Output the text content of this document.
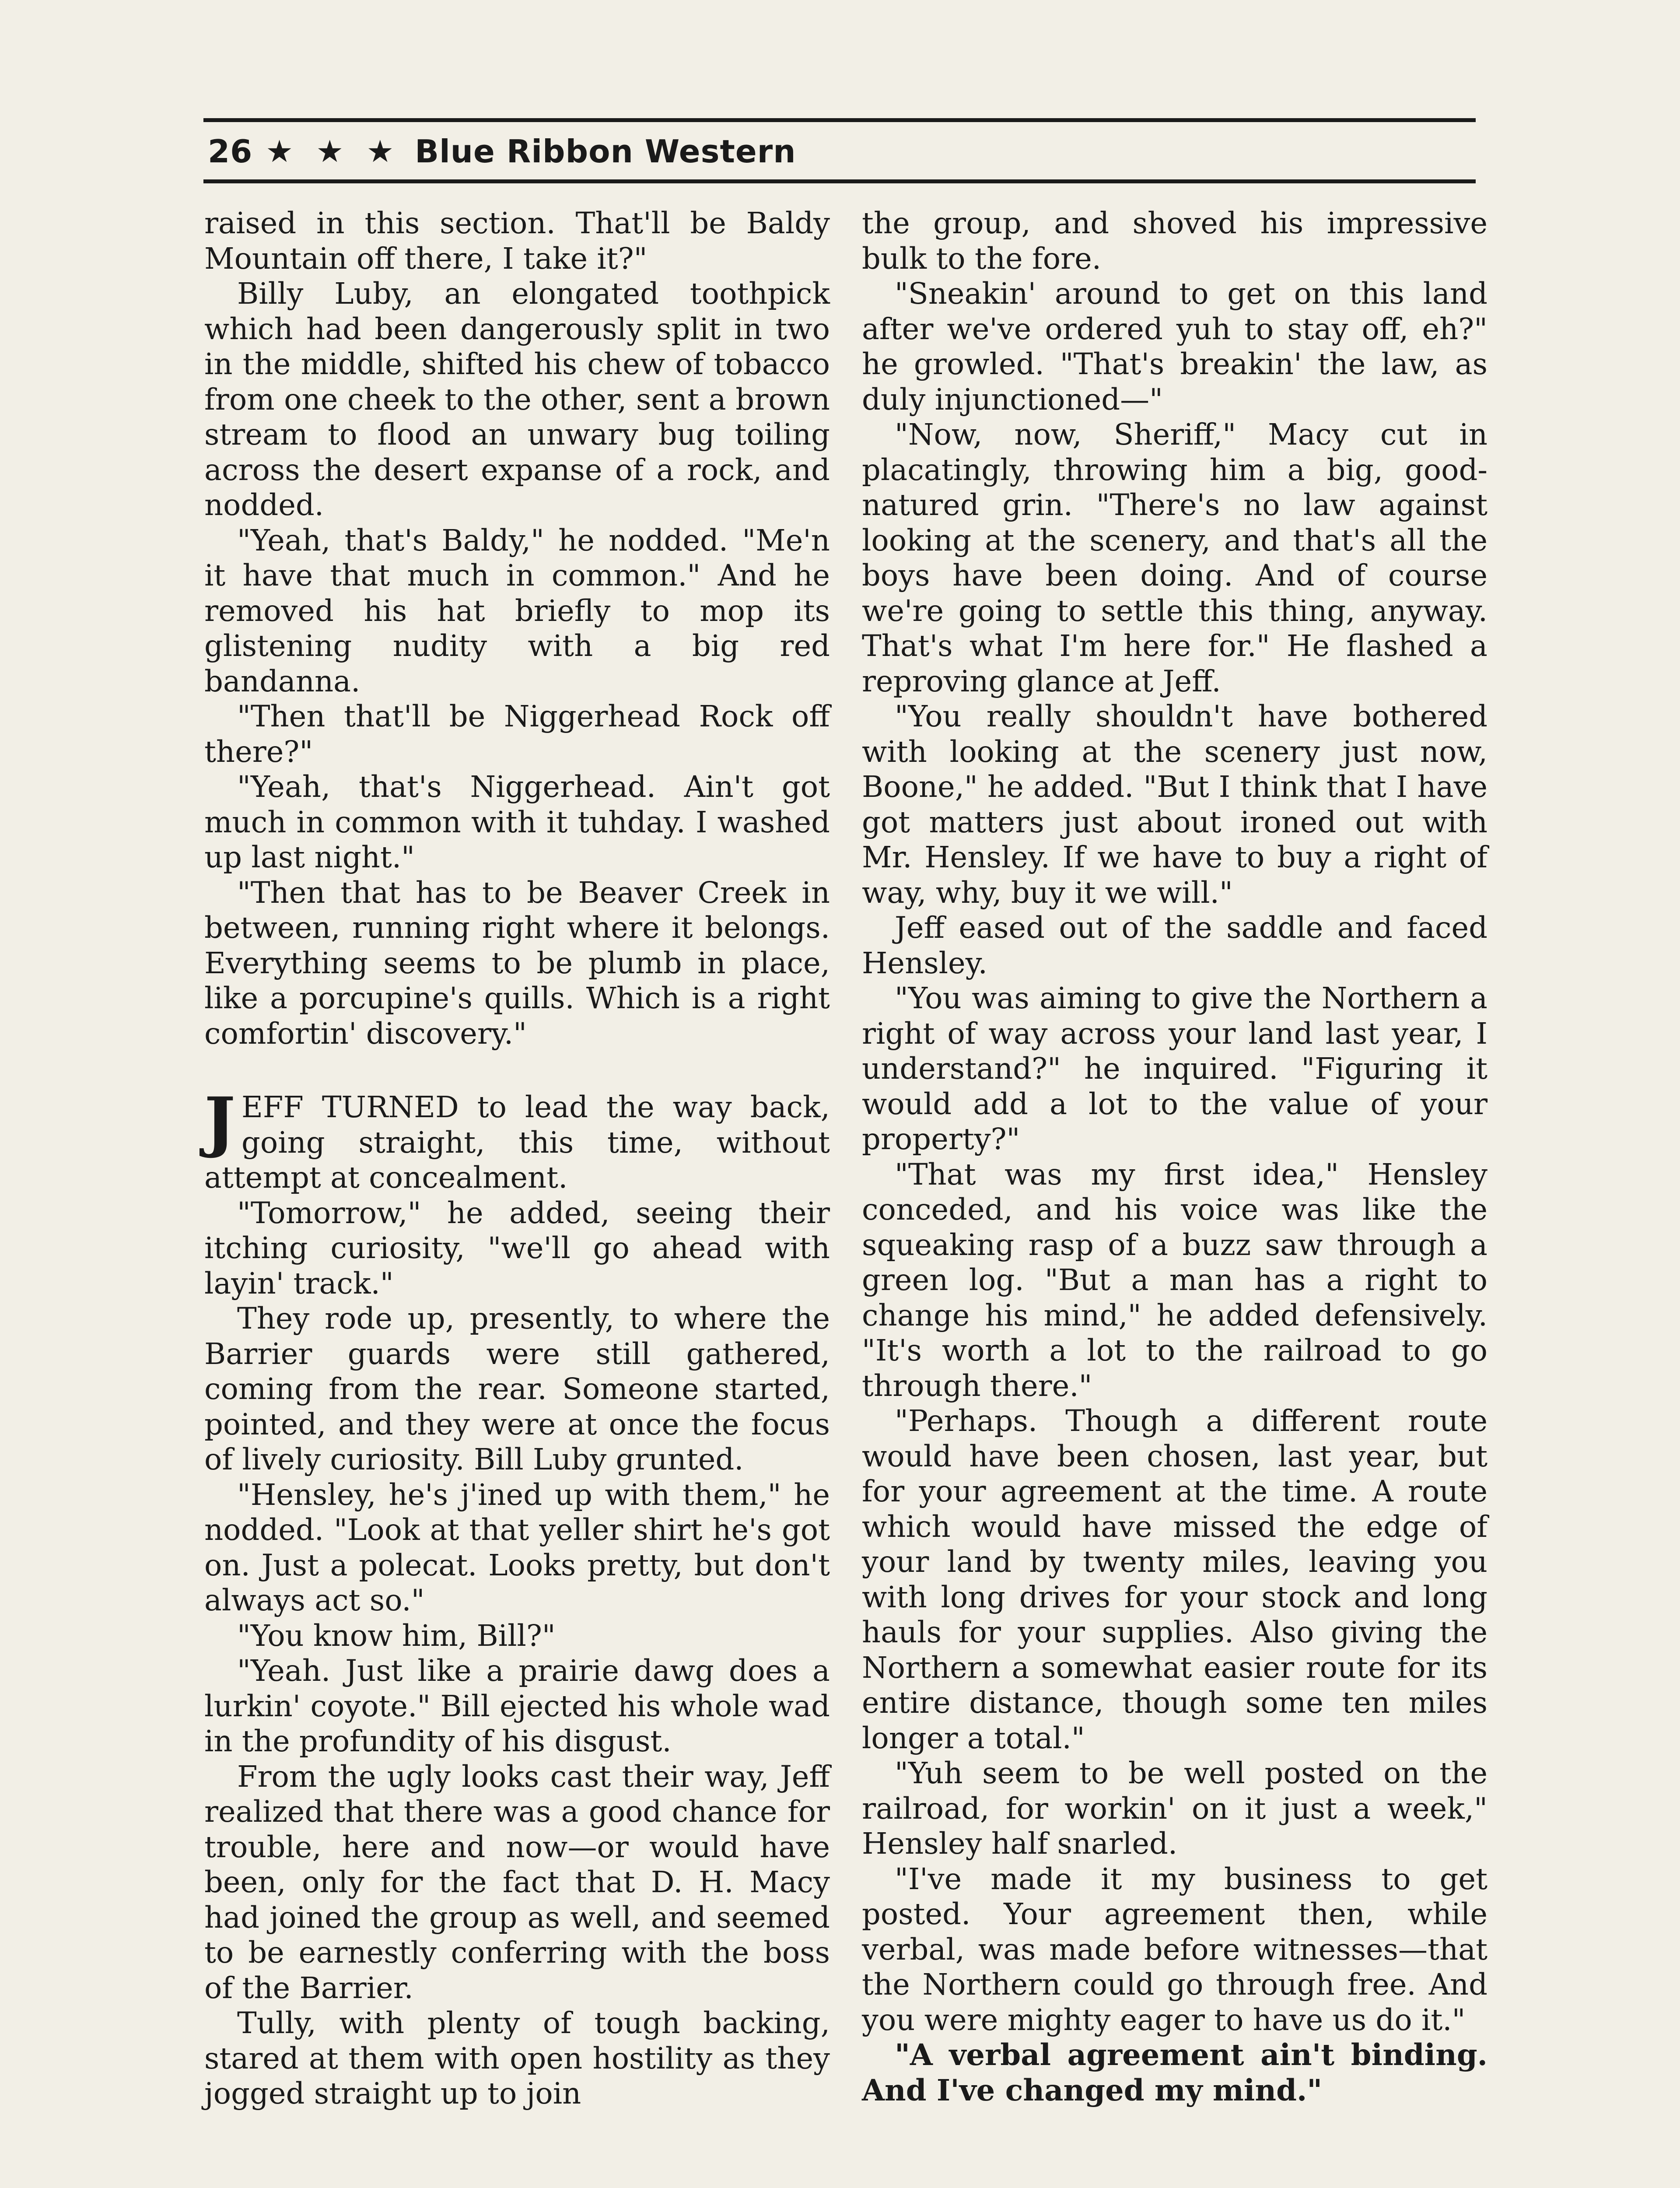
26 ★ ★ ★ Blue Ribbon Western

raised in this section. That'll be Baldy Mountain off there, I take it?"

Billy Luby, an elongated toothpick which had been dangerously split in two in the middle, shifted his chew of tobacco from one cheek to the other, sent a brown stream to flood an unwary bug toiling across the desert expanse of a rock, and nodded.

"Yeah, that's Baldy," he nodded. "Me'n it have that much in common." And he removed his hat briefly to mop its glistening nudity with a big red bandanna.

"Then that'll be Niggerhead Rock off there?"

"Yeah, that's Niggerhead. Ain't got much in common with it tuhday. I washed up last night."

"Then that has to be Beaver Creek in between, running right where it belongs. Everything seems to be plumb in place, like a porcupine's quills. Which is a right comfortin' discovery."

JEFF TURNED to lead the way back, going straight, this time, without attempt at concealment.

"Tomorrow," he added, seeing their itching curiosity, "we'll go ahead with layin' track."

They rode up, presently, to where the Barrier guards were still gathered, coming from the rear. Someone started, pointed, and they were at once the focus of lively curiosity. Bill Luby grunted.

"Hensley, he's j'ined up with them," he nodded. "Look at that yeller shirt he's got on. Just a polecat. Looks pretty, but don't always act so."

"You know him, Bill?"

"Yeah. Just like a prairie dawg does a lurkin' coyote." Bill ejected his whole wad in the profundity of his disgust.

From the ugly looks cast their way, Jeff realized that there was a good chance for trouble, here and now—or would have been, only for the fact that D. H. Macy had joined the group as well, and seemed to be earnestly conferring with the boss of the Barrier.

Tully, with plenty of tough backing, stared at them with open hostility as they jogged straight up to join

the group, and shoved his impressive bulk to the fore.

"Sneakin' around to get on this land after we've ordered yuh to stay off, eh?" he growled. "That's breakin' the law, as duly injunctioned—"

"Now, now, Sheriff," Macy cut in placatingly, throwing him a big, good-natured grin. "There's no law against looking at the scenery, and that's all the boys have been doing. And of course we're going to settle this thing, anyway. That's what I'm here for." He flashed a reproving glance at Jeff.

"You really shouldn't have bothered with looking at the scenery just now, Boone," he added. "But I think that I have got matters just about ironed out with Mr. Hensley. If we have to buy a right of way, why, buy it we will."

Jeff eased out of the saddle and faced Hensley.

"You was aiming to give the Northern a right of way across your land last year, I understand?" he inquired. "Figuring it would add a lot to the value of your property?"

"That was my first idea," Hensley conceded, and his voice was like the squeaking rasp of a buzz saw through a green log. "But a man has a right to change his mind," he added defensively. "It's worth a lot to the railroad to go through there."

"Perhaps. Though a different route would have been chosen, last year, but for your agreement at the time. A route which would have missed the edge of your land by twenty miles, leaving you with long drives for your stock and long hauls for your supplies. Also giving the Northern a somewhat easier route for its entire distance, though some ten miles longer a total."

"Yuh seem to be well posted on the railroad, for workin' on it just a week," Hensley half snarled.

"I've made it my business to get posted. Your agreement then, while verbal, was made before witnesses—that the Northern could go through free. And you were mighty eager to have us do it."

"A verbal agreement ain't binding. And I've changed my mind."
